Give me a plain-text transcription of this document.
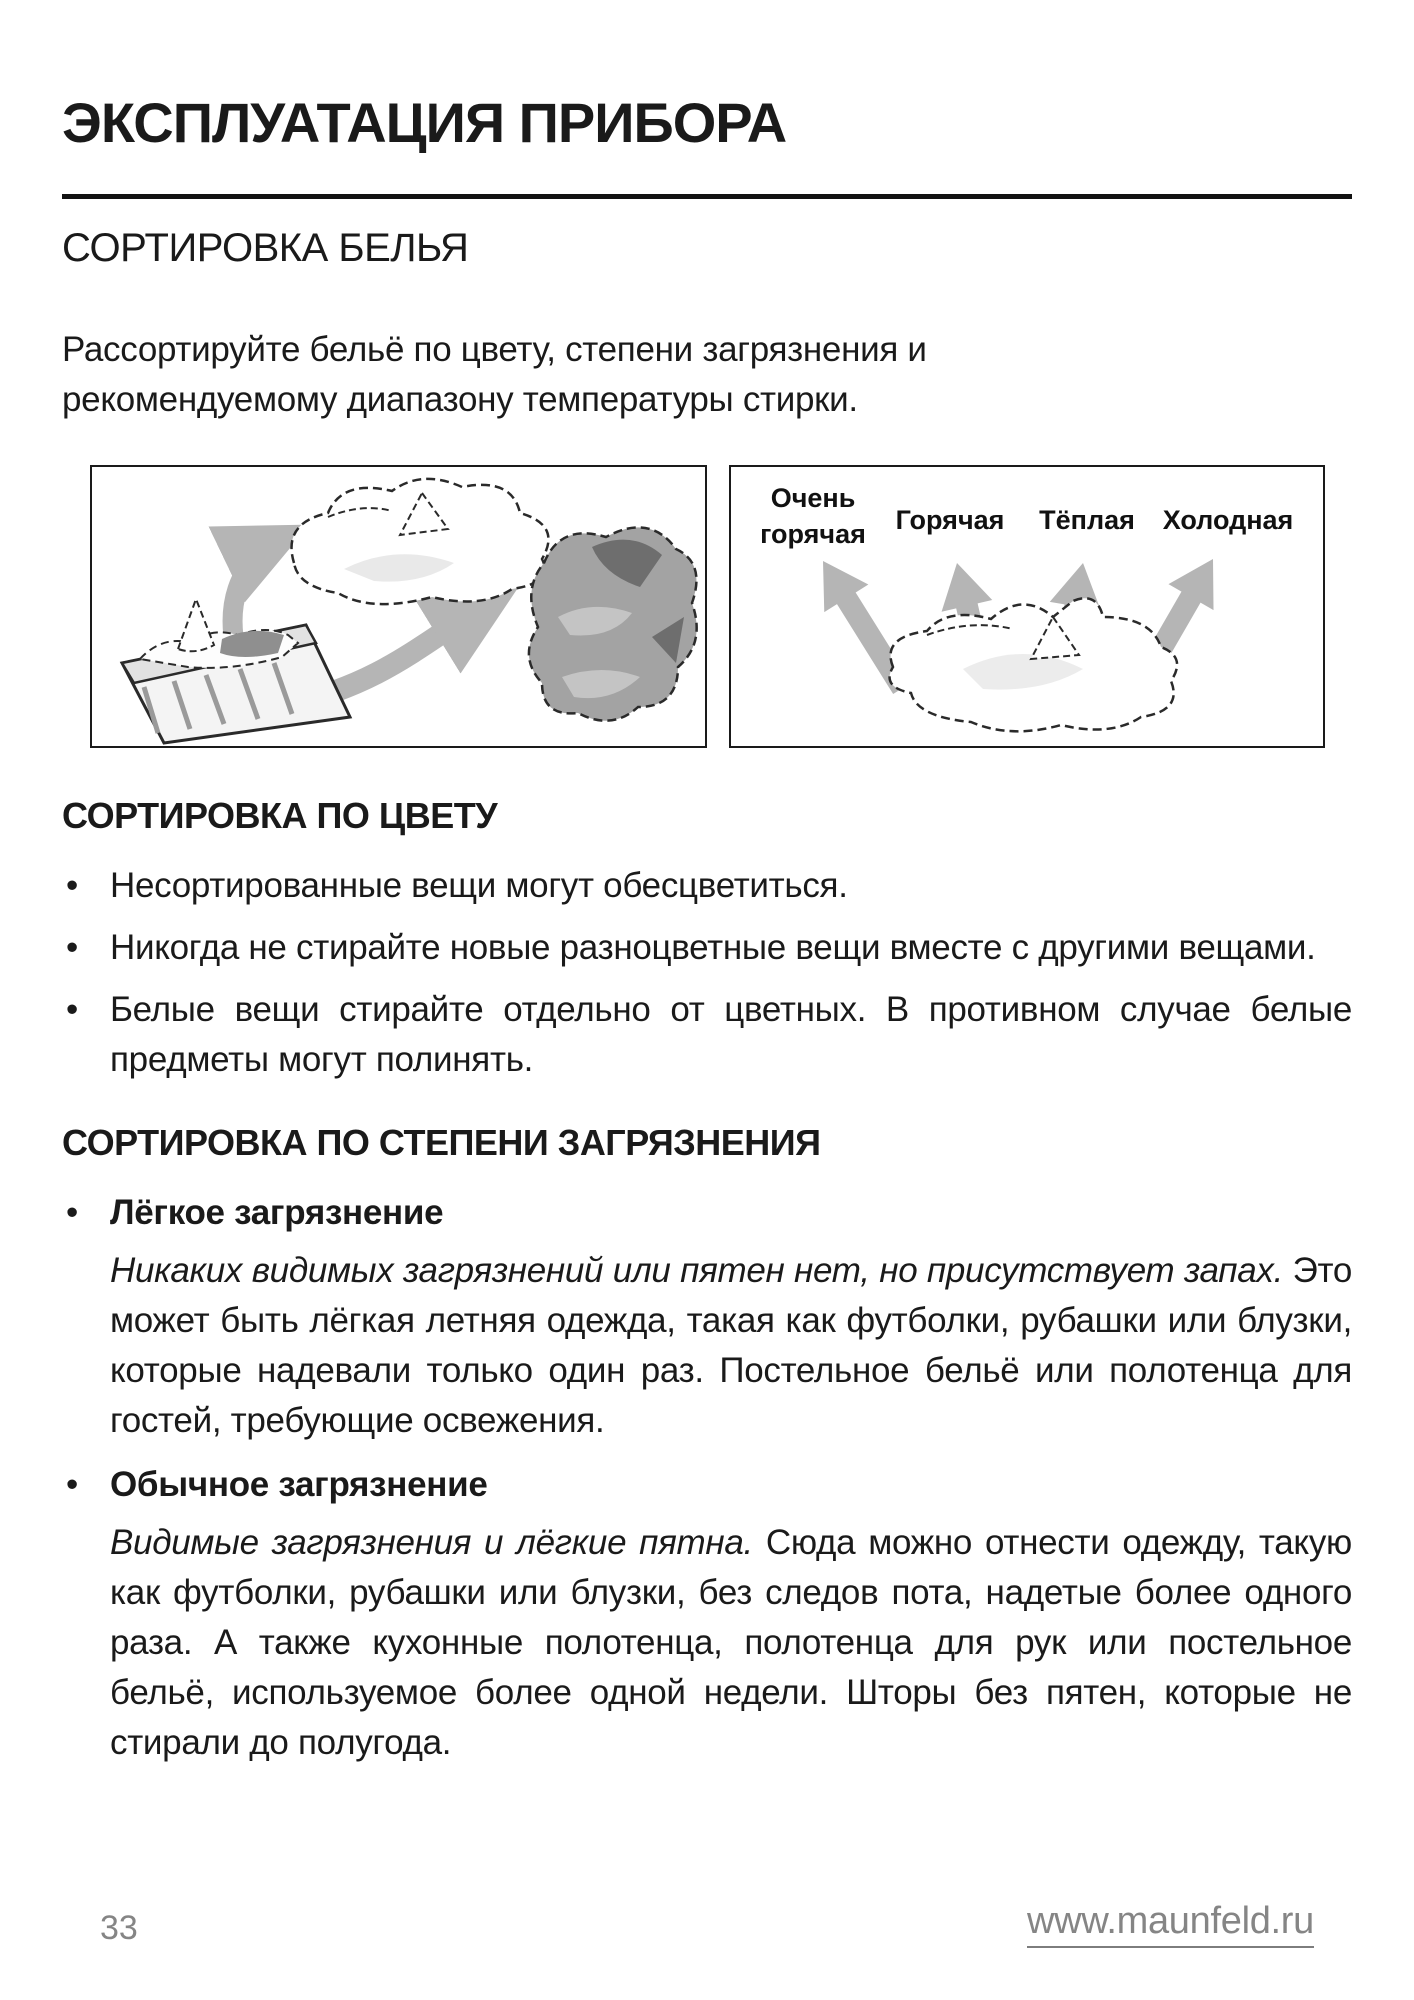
ЭКСПЛУАТАЦИЯ ПРИБОРА
СОРТИРОВКА БЕЛЬЯ

Рассортируйте бельё по цвету, степени загрязнения и рекомендуемому диапазону температуры стирки.

Очень
горячая Горячая Тёплая Холодная
СОРТИРОВКА ПО ЦВЕТУ
• Несортированные вещи могут обесцветиться.
• Никогда не стирайте новые разноцветные вещи вместе с другими вещами.
• Белые вещи стирайте отдельно от цветных. В противном случае белые предметы могут полинять.
СОРТИРОВКА ПО СТЕПЕНИ ЗАГРЯЗНЕНИЯ
• Лёгкое загрязнение

Никаких видимых загрязнений или пятен нет, но присутствует запах. Это может быть лёгкая летняя одежда, такая как футболки, рубашки или блузки, которые надевали только один раз. Постельное бельё или полотенца для гостей, требующие освежения.

• Обычное загрязнение

Видимые загрязнения и лёгкие пятна. Сюда можно отнести одежду, такую как футболки, рубашки или блузки, без следов пота, надетые более одного раза. А также кухонные полотенца, полотенца для рук или постельное бельё, используемое более одной недели. Шторы без пятен, которые не стирали до полугода.

33	www.maunfeld.ru
